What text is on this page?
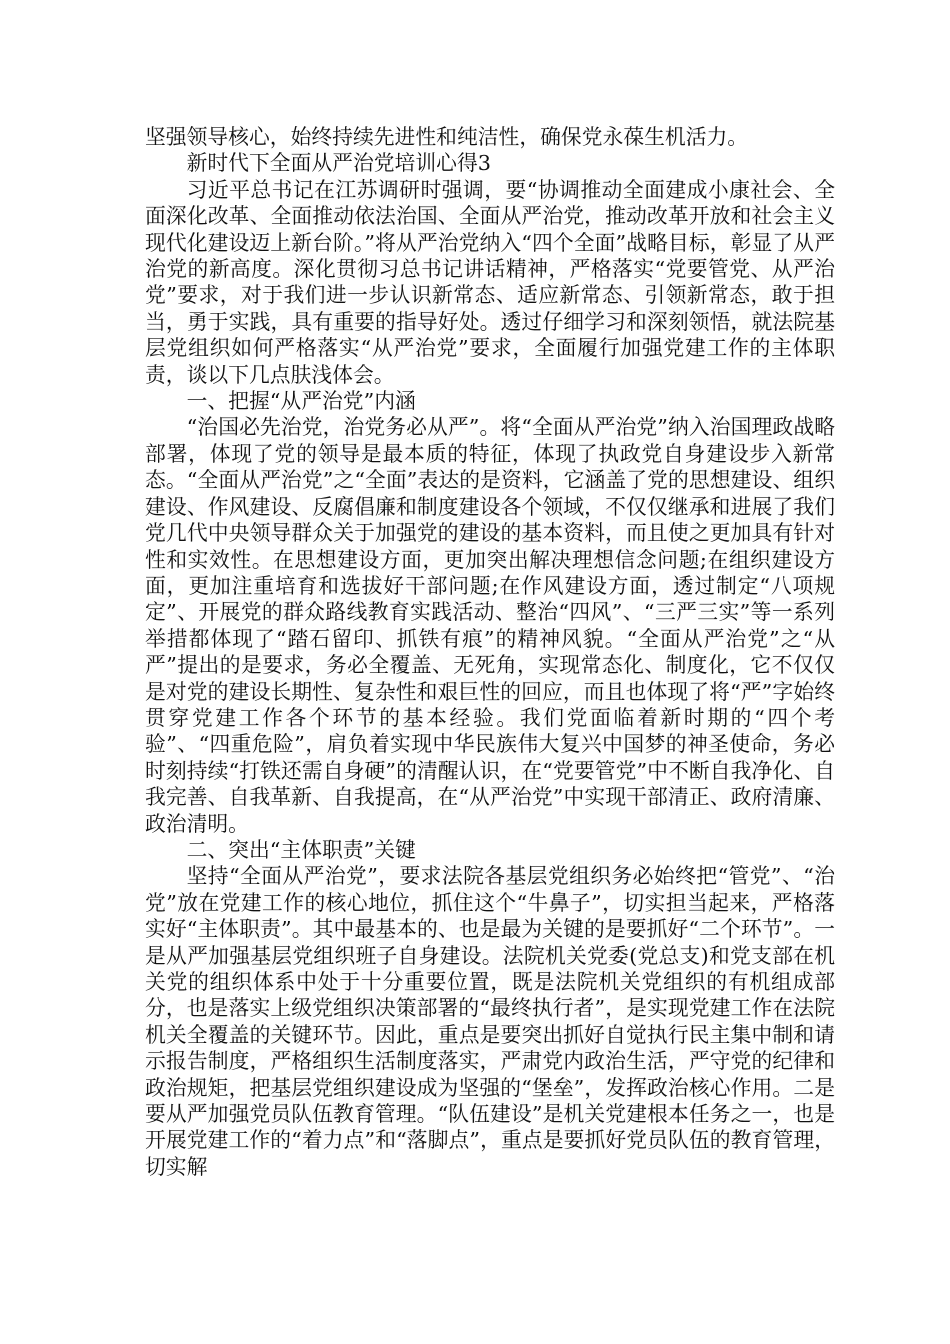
坚强领导核心，始终持续先进性和纯洁性，确保党永葆生机活力。

新时代下全面从严治党培训心得3

习近平总书记在江苏调研时强调，要“协调推动全面建成小康社会、全面深化改革、全面推动依法治国、全面从严治党，推动改革开放和社会主义现代化建设迈上新台阶。”将从严治党纳入“四个全面”战略目标，彰显了从严治党的新高度。深化贯彻习总书记讲话精神，严格落实“党要管党、从严治党”要求，对于我们进一步认识新常态、适应新常态、引领新常态，敢于担当，勇于实践，具有重要的指导好处。透过仔细学习和深刻领悟，就法院基层党组织如何严格落实“从严治党”要求，全面履行加强党建工作的主体职责，谈以下几点肤浅体会。

一、把握“从严治党”内涵

“治国必先治党，治党务必从严”。将“全面从严治党”纳入治国理政战略部署，体现了党的领导是最本质的特征，体现了执政党自身建设步入新常态。“全面从严治党”之“全面”表达的是资料，它涵盖了党的思想建设、组织建设、作风建设、反腐倡廉和制度建设各个领域，不仅仅继承和进展了我们党几代中央领导群众关于加强党的建设的基本资料，而且使之更加具有针对性和实效性。在思想建设方面，更加突出解决理想信念问题;在组织建设方面，更加注重培育和选拔好干部问题;在作风建设方面，透过制定“八项规定”、开展党的群众路线教育实践活动、整治“四风”、“三严三实”等一系列举措都体现了“踏石留印、抓铁有痕”的精神风貌。“全面从严治党”之“从严”提出的是要求，务必全覆盖、无死角，实现常态化、制度化，它不仅仅是对党的建设长期性、复杂性和艰巨性的回应，而且也体现了将“严”字始终贯穿党建工作各个环节的基本经验。我们党面临着新时期的“四个考验”、“四重危险”，肩负着实现中华民族伟大复兴中国梦的神圣使命，务必时刻持续“打铁还需自身硬”的清醒认识，在“党要管党”中不断自我净化、自我完善、自我革新、自我提高，在“从严治党”中实现干部清正、政府清廉、政治清明。

二、突出“主体职责”关键

坚持“全面从严治党”，要求法院各基层党组织务必始终把“管党”、“治党”放在党建工作的核心地位，抓住这个“牛鼻子”，切实担当起来，严格落实好“主体职责”。其中最基本的、也是最为关键的是要抓好“二个环节”。一是从严加强基层党组织班子自身建设。法院机关党委(党总支)和党支部在机关党的组织体系中处于十分重要位置，既是法院机关党组织的有机组成部分，也是落实上级党组织决策部署的“最终执行者”，是实现党建工作在法院机关全覆盖的关键环节。因此，重点是要突出抓好自觉执行民主集中制和请示报告制度，严格组织生活制度落实，严肃党内政治生活，严守党的纪律和政治规矩，把基层党组织建设成为坚强的“堡垒”，发挥政治核心作用。二是要从严加强党员队伍教育管理。“队伍建设”是机关党建根本任务之一，也是开展党建工作的“着力点”和“落脚点”，重点是要抓好党员队伍的教育管理，切实解
